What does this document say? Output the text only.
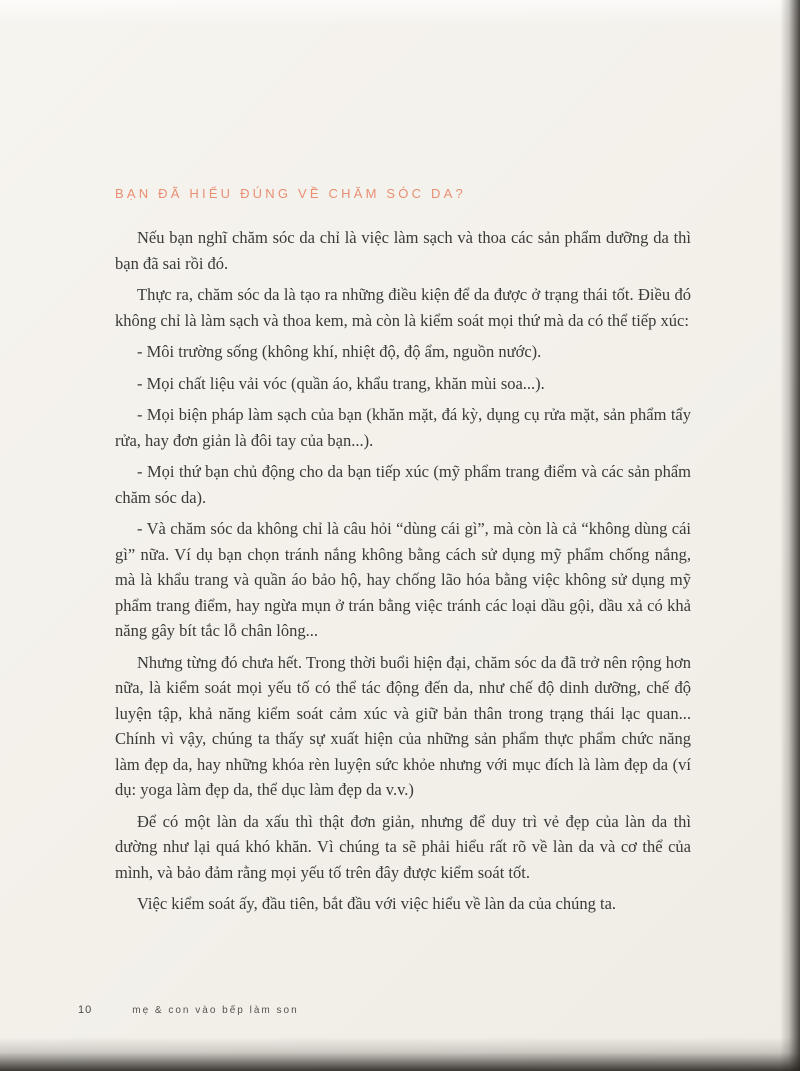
BẠN ĐÃ HIỂU ĐÚNG VỀ CHĂM SÓC DA?

Nếu bạn nghĩ chăm sóc da chỉ là việc làm sạch và thoa các sản phẩm dưỡng da thì bạn đã sai rồi đó.

Thực ra, chăm sóc da là tạo ra những điều kiện để da được ở trạng thái tốt. Điều đó không chỉ là làm sạch và thoa kem, mà còn là kiểm soát mọi thứ mà da có thể tiếp xúc:

- Môi trường sống (không khí, nhiệt độ, độ ẩm, nguồn nước).

- Mọi chất liệu vải vóc (quần áo, khẩu trang, khăn mùi soa...).

- Mọi biện pháp làm sạch của bạn (khăn mặt, đá kỳ, dụng cụ rửa mặt, sản phẩm tẩy rửa, hay đơn giản là đôi tay của bạn...).

- Mọi thứ bạn chủ động cho da bạn tiếp xúc (mỹ phẩm trang điểm và các sản phẩm chăm sóc da).

- Và chăm sóc da không chỉ là câu hỏi “dùng cái gì”, mà còn là cả “không dùng cái gì” nữa. Ví dụ bạn chọn tránh nắng không bằng cách sử dụng mỹ phẩm chống nắng, mà là khẩu trang và quần áo bảo hộ, hay chống lão hóa bằng việc không sử dụng mỹ phẩm trang điểm, hay ngừa mụn ở trán bằng việc tránh các loại dầu gội, dầu xả có khả năng gây bít tắc lỗ chân lông...

Nhưng từng đó chưa hết. Trong thời buổi hiện đại, chăm sóc da đã trở nên rộng hơn nữa, là kiểm soát mọi yếu tố có thể tác động đến da, như chế độ dinh dưỡng, chế độ luyện tập, khả năng kiểm soát cảm xúc và giữ bản thân trong trạng thái lạc quan... Chính vì vậy, chúng ta thấy sự xuất hiện của những sản phẩm thực phẩm chức năng làm đẹp da, hay những khóa rèn luyện sức khỏe nhưng với mục đích là làm đẹp da (ví dụ: yoga làm đẹp da, thể dục làm đẹp da v.v.)

Để có một làn da xấu thì thật đơn giản, nhưng để duy trì vẻ đẹp của làn da thì dường như lại quá khó khăn. Vì chúng ta sẽ phải hiểu rất rõ về làn da và cơ thể của mình, và bảo đảm rằng mọi yếu tố trên đây được kiểm soát tốt.

Việc kiểm soát ấy, đầu tiên, bắt đầu với việc hiểu về làn da của chúng ta.

10	mẹ & con vào bếp làm son
